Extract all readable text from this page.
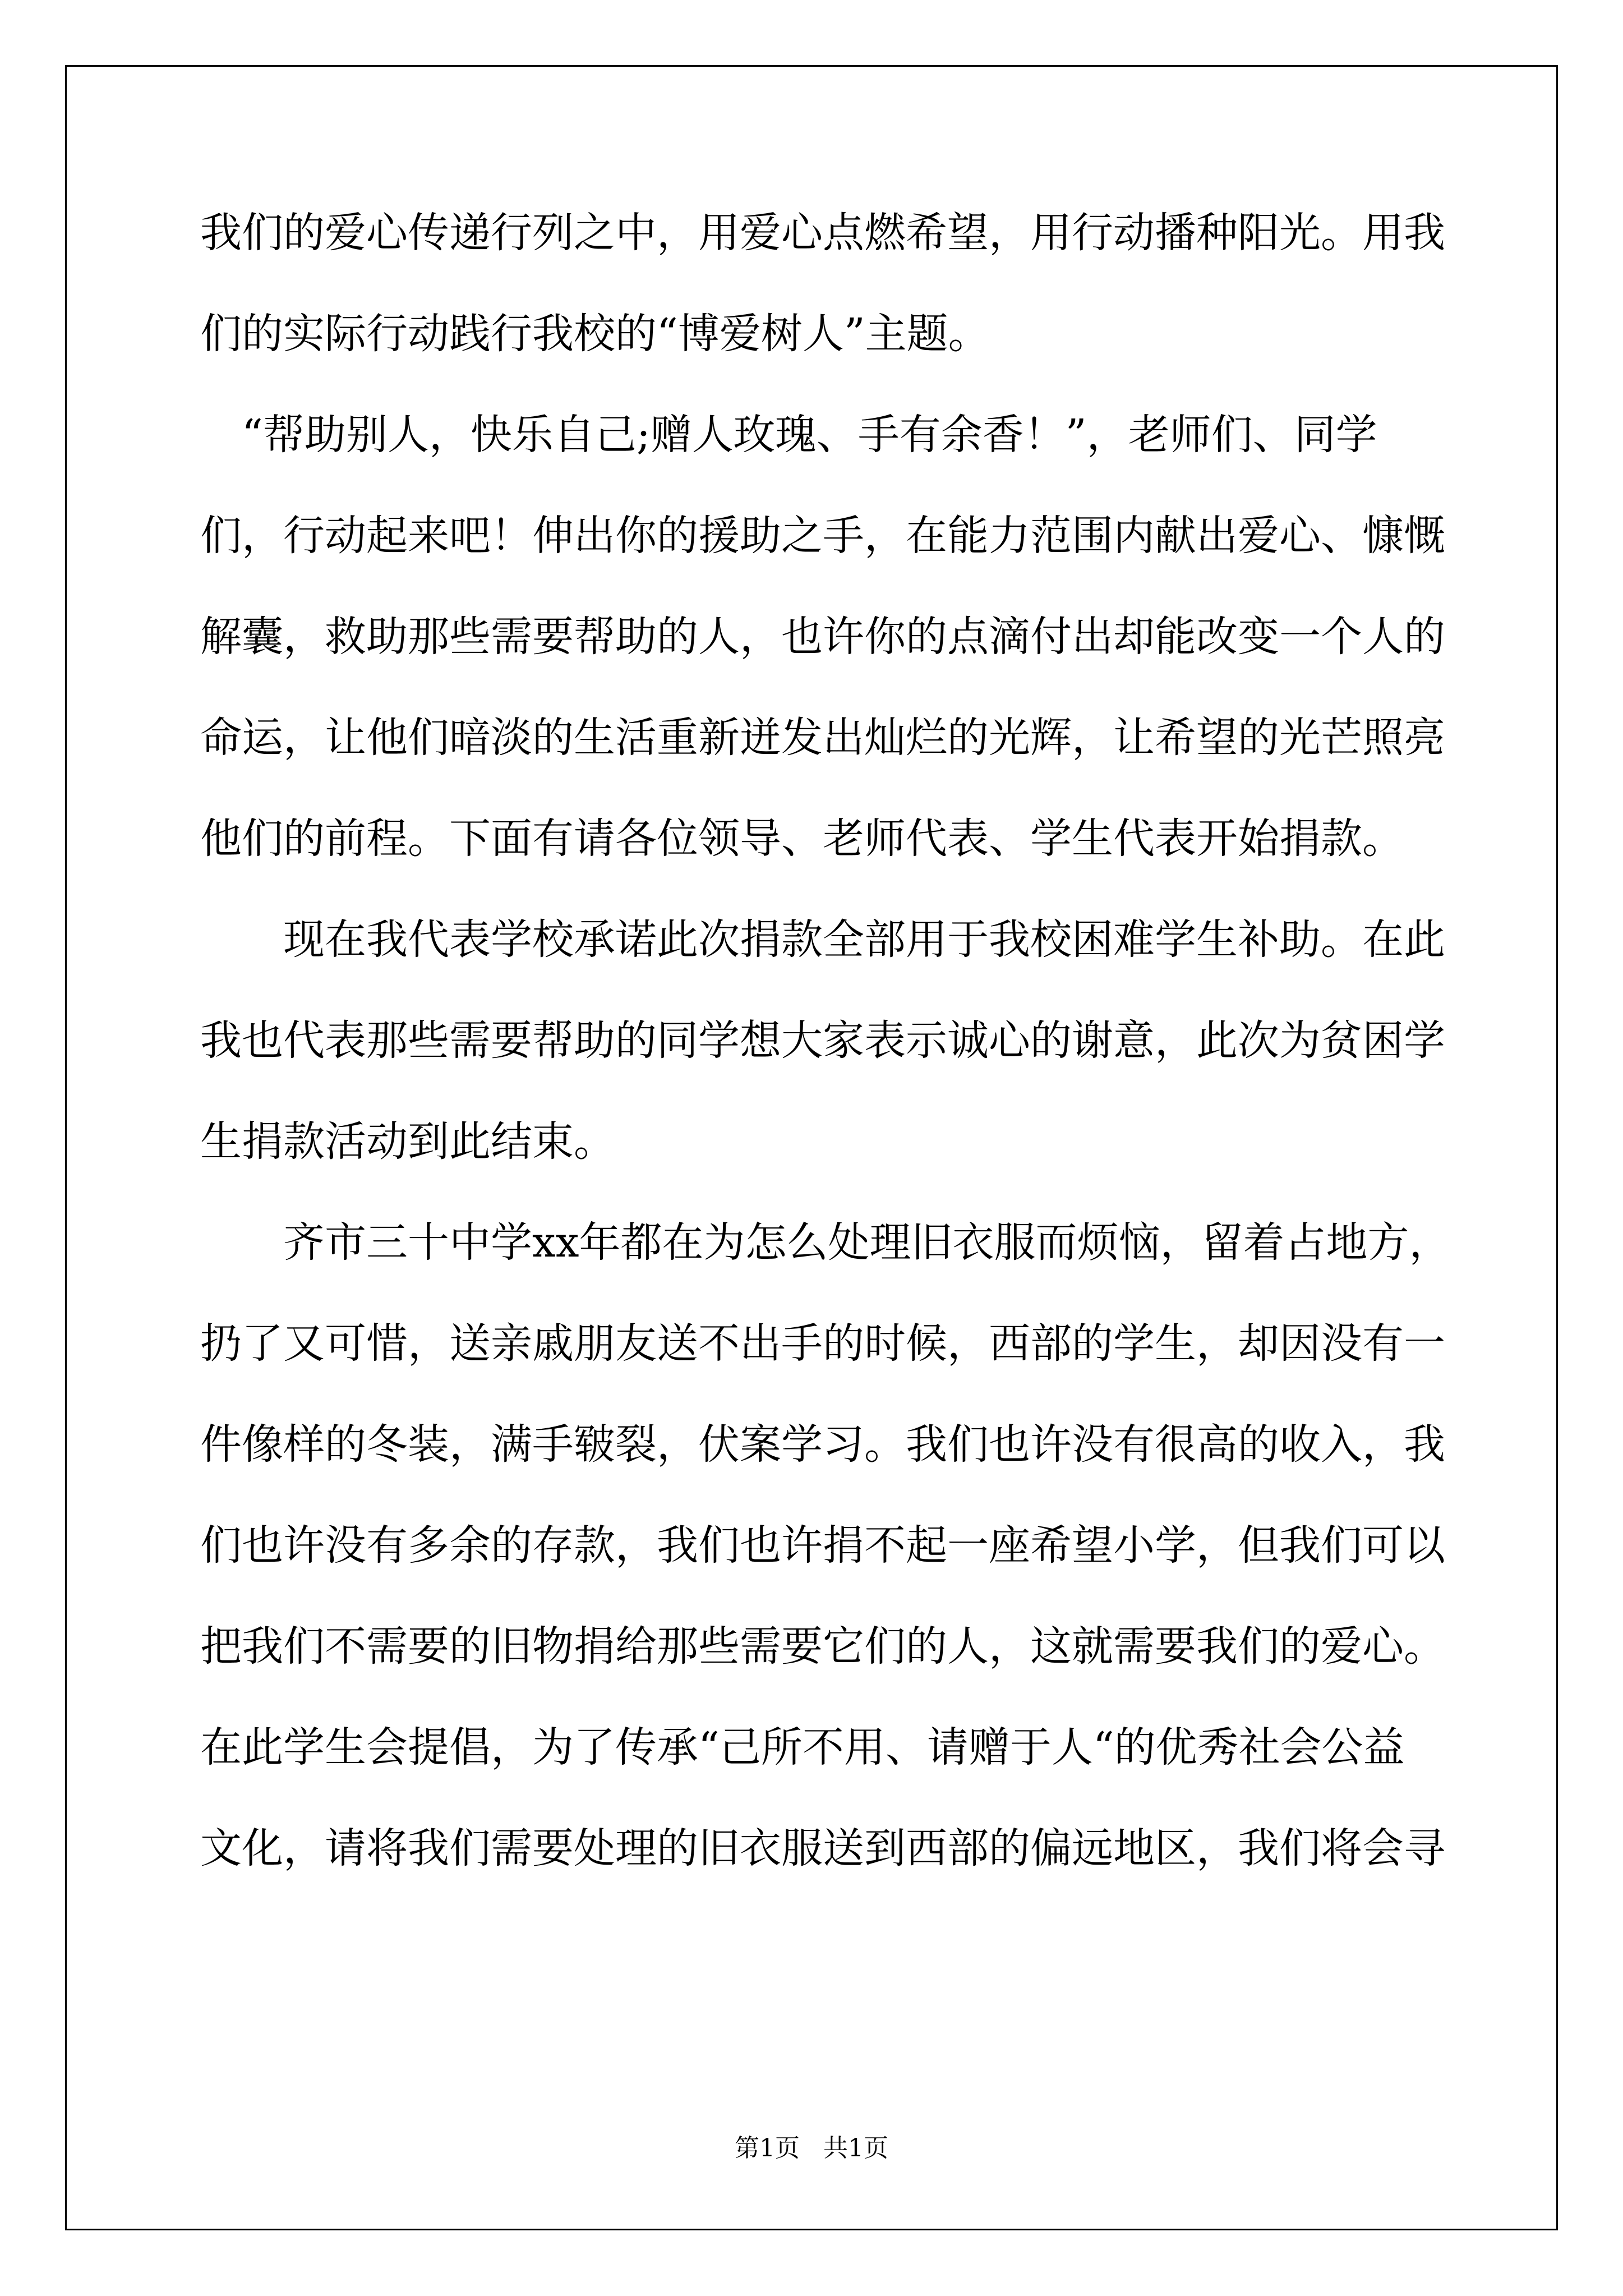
我们的爱心传递行列之中，用爱心点燃希望，用行动播种阳光。用我
们的实际行动践行我校的“博爱树人”主题。
　“帮助别人，快乐自己;赠人玫瑰、手有余香！”，老师们、同学
们，行动起来吧！伸出你的援助之手，在能力范围内献出爱心、慷慨
解囊，救助那些需要帮助的人，也许你的点滴付出却能改变一个人的
命运，让他们暗淡的生活重新迸发出灿烂的光辉，让希望的光芒照亮
他们的前程。下面有请各位领导、老师代表、学生代表开始捐款。
　　现在我代表学校承诺此次捐款全部用于我校困难学生补助。在此
我也代表那些需要帮助的同学想大家表示诚心的谢意，此次为贫困学
生捐款活动到此结束。
　　齐市三十中学xx年都在为怎么处理旧衣服而烦恼，留着占地方，
扔了又可惜，送亲戚朋友送不出手的时候，西部的学生，却因没有一
件像样的冬装，满手皲裂，伏案学习。我们也许没有很高的收入，我
们也许没有多余的存款，我们也许捐不起一座希望小学，但我们可以
把我们不需要的旧物捐给那些需要它们的人，这就需要我们的爱心。
在此学生会提倡，为了传承“己所不用、请赠于人“的优秀社会公益
文化，请将我们需要处理的旧衣服送到西部的偏远地区，我们将会寻
第1页   共1页
